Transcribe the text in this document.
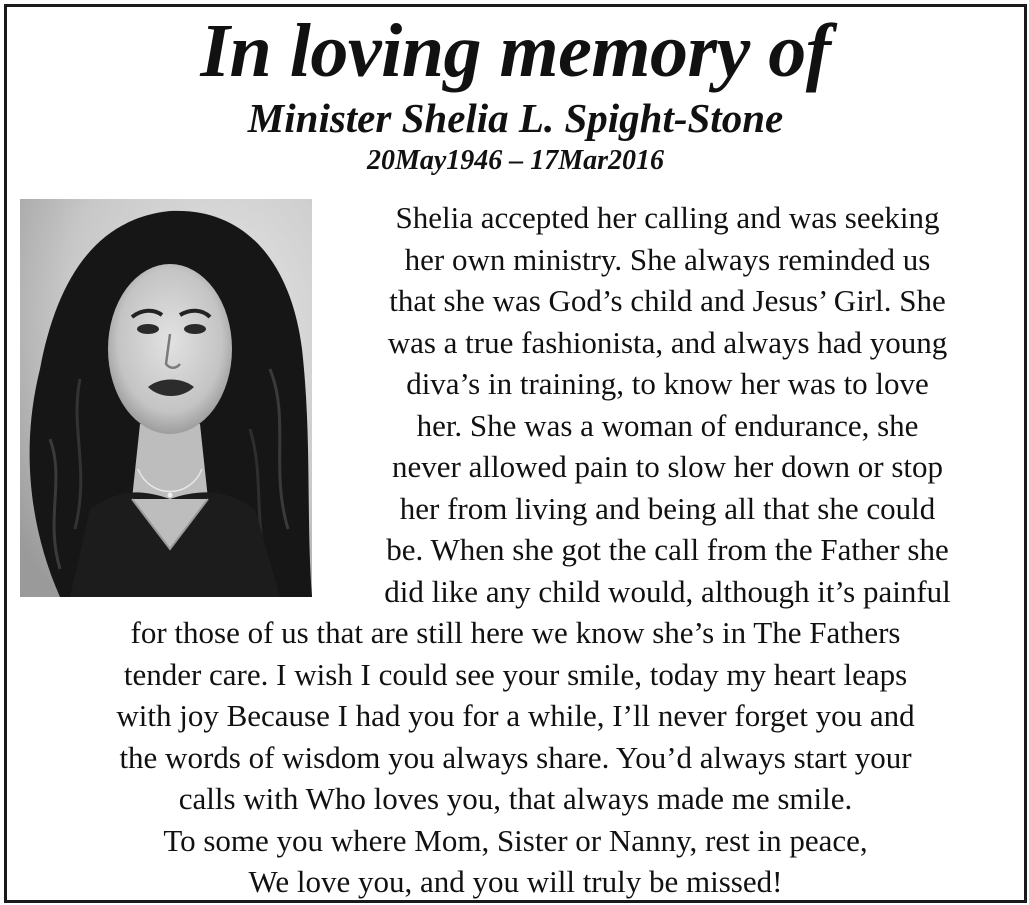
In loving memory of
Minister Shelia L. Spight-Stone
20May1946 – 17Mar2016
Shelia accepted her calling and was seeking
her own ministry. She always reminded us
that she was God’s child and Jesus’ Girl. She
was a true fashionista, and always had young
diva’s in training, to know her was to love
her. She was a woman of endurance, she
never allowed pain to slow her down or stop
her from living and being all that she could
be. When she got the call from the Father she
did like any child would, although it’s painful
for those of us that are still here we know she’s in The Fathers
tender care. I wish I could see your smile, today my heart leaps
with joy Because I had you for a while, I’ll never forget you and
the words of wisdom you always share. You’d always start your
calls with Who loves you, that always made me smile.
To some you where Mom, Sister or Nanny, rest in peace,
We love you, and you will truly be missed!
